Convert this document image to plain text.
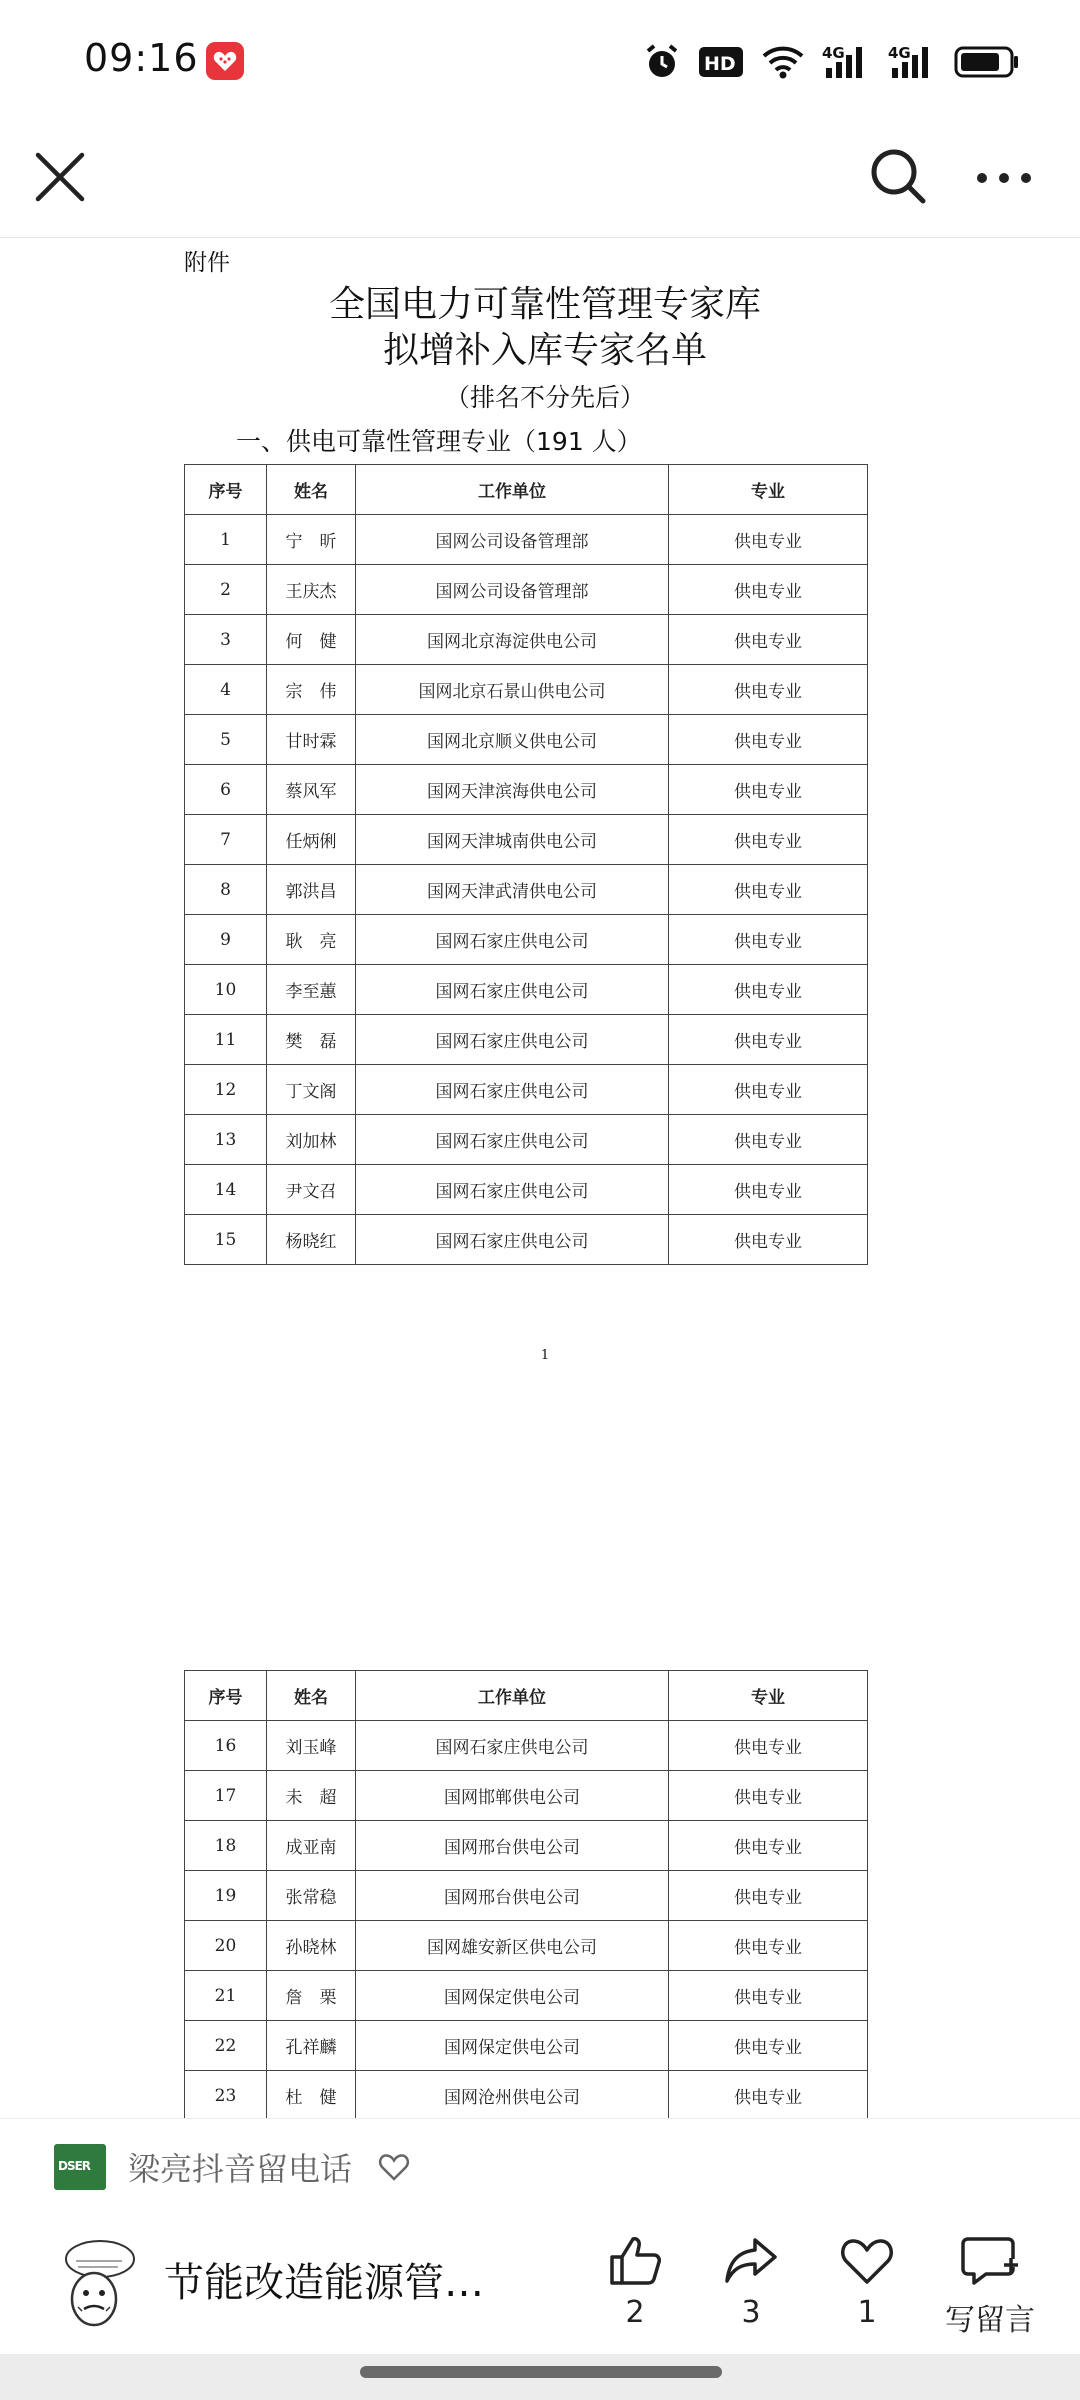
09:16	HD	4G	4G
附件
全国电力可靠性管理专家库
拟增补入库专家名单
（排名不分先后）
一、供电可靠性管理专业（191 人）
序号	姓名	工作单位	专业
1	宁　昕	国网公司设备管理部	供电专业
2	王庆杰	国网公司设备管理部	供电专业
3	何　健	国网北京海淀供电公司	供电专业
4	宗　伟	国网北京石景山供电公司	供电专业
5	甘时霖	国网北京顺义供电公司	供电专业
6	蔡风军	国网天津滨海供电公司	供电专业
7	任炳俐	国网天津城南供电公司	供电专业
8	郭洪昌	国网天津武清供电公司	供电专业
9	耿　亮	国网石家庄供电公司	供电专业
10	李至蕙	国网石家庄供电公司	供电专业
11	樊　磊	国网石家庄供电公司	供电专业
12	丁文阁	国网石家庄供电公司	供电专业
13	刘加林	国网石家庄供电公司	供电专业
14	尹文召	国网石家庄供电公司	供电专业
15	杨晓红	国网石家庄供电公司	供电专业
1
序号	姓名	工作单位	专业
16	刘玉峰	国网石家庄供电公司	供电专业
17	未　超	国网邯郸供电公司	供电专业
18	成亚南	国网邢台供电公司	供电专业
19	张常稳	国网邢台供电公司	供电专业
20	孙晓林	国网雄安新区供电公司	供电专业
21	詹　栗	国网保定供电公司	供电专业
22	孔祥麟	国网保定供电公司	供电专业
23	杜　健	国网沧州供电公司	供电专业
DSER 梁亮抖音留电话
节能改造能源管…
2	3	1	写留言
